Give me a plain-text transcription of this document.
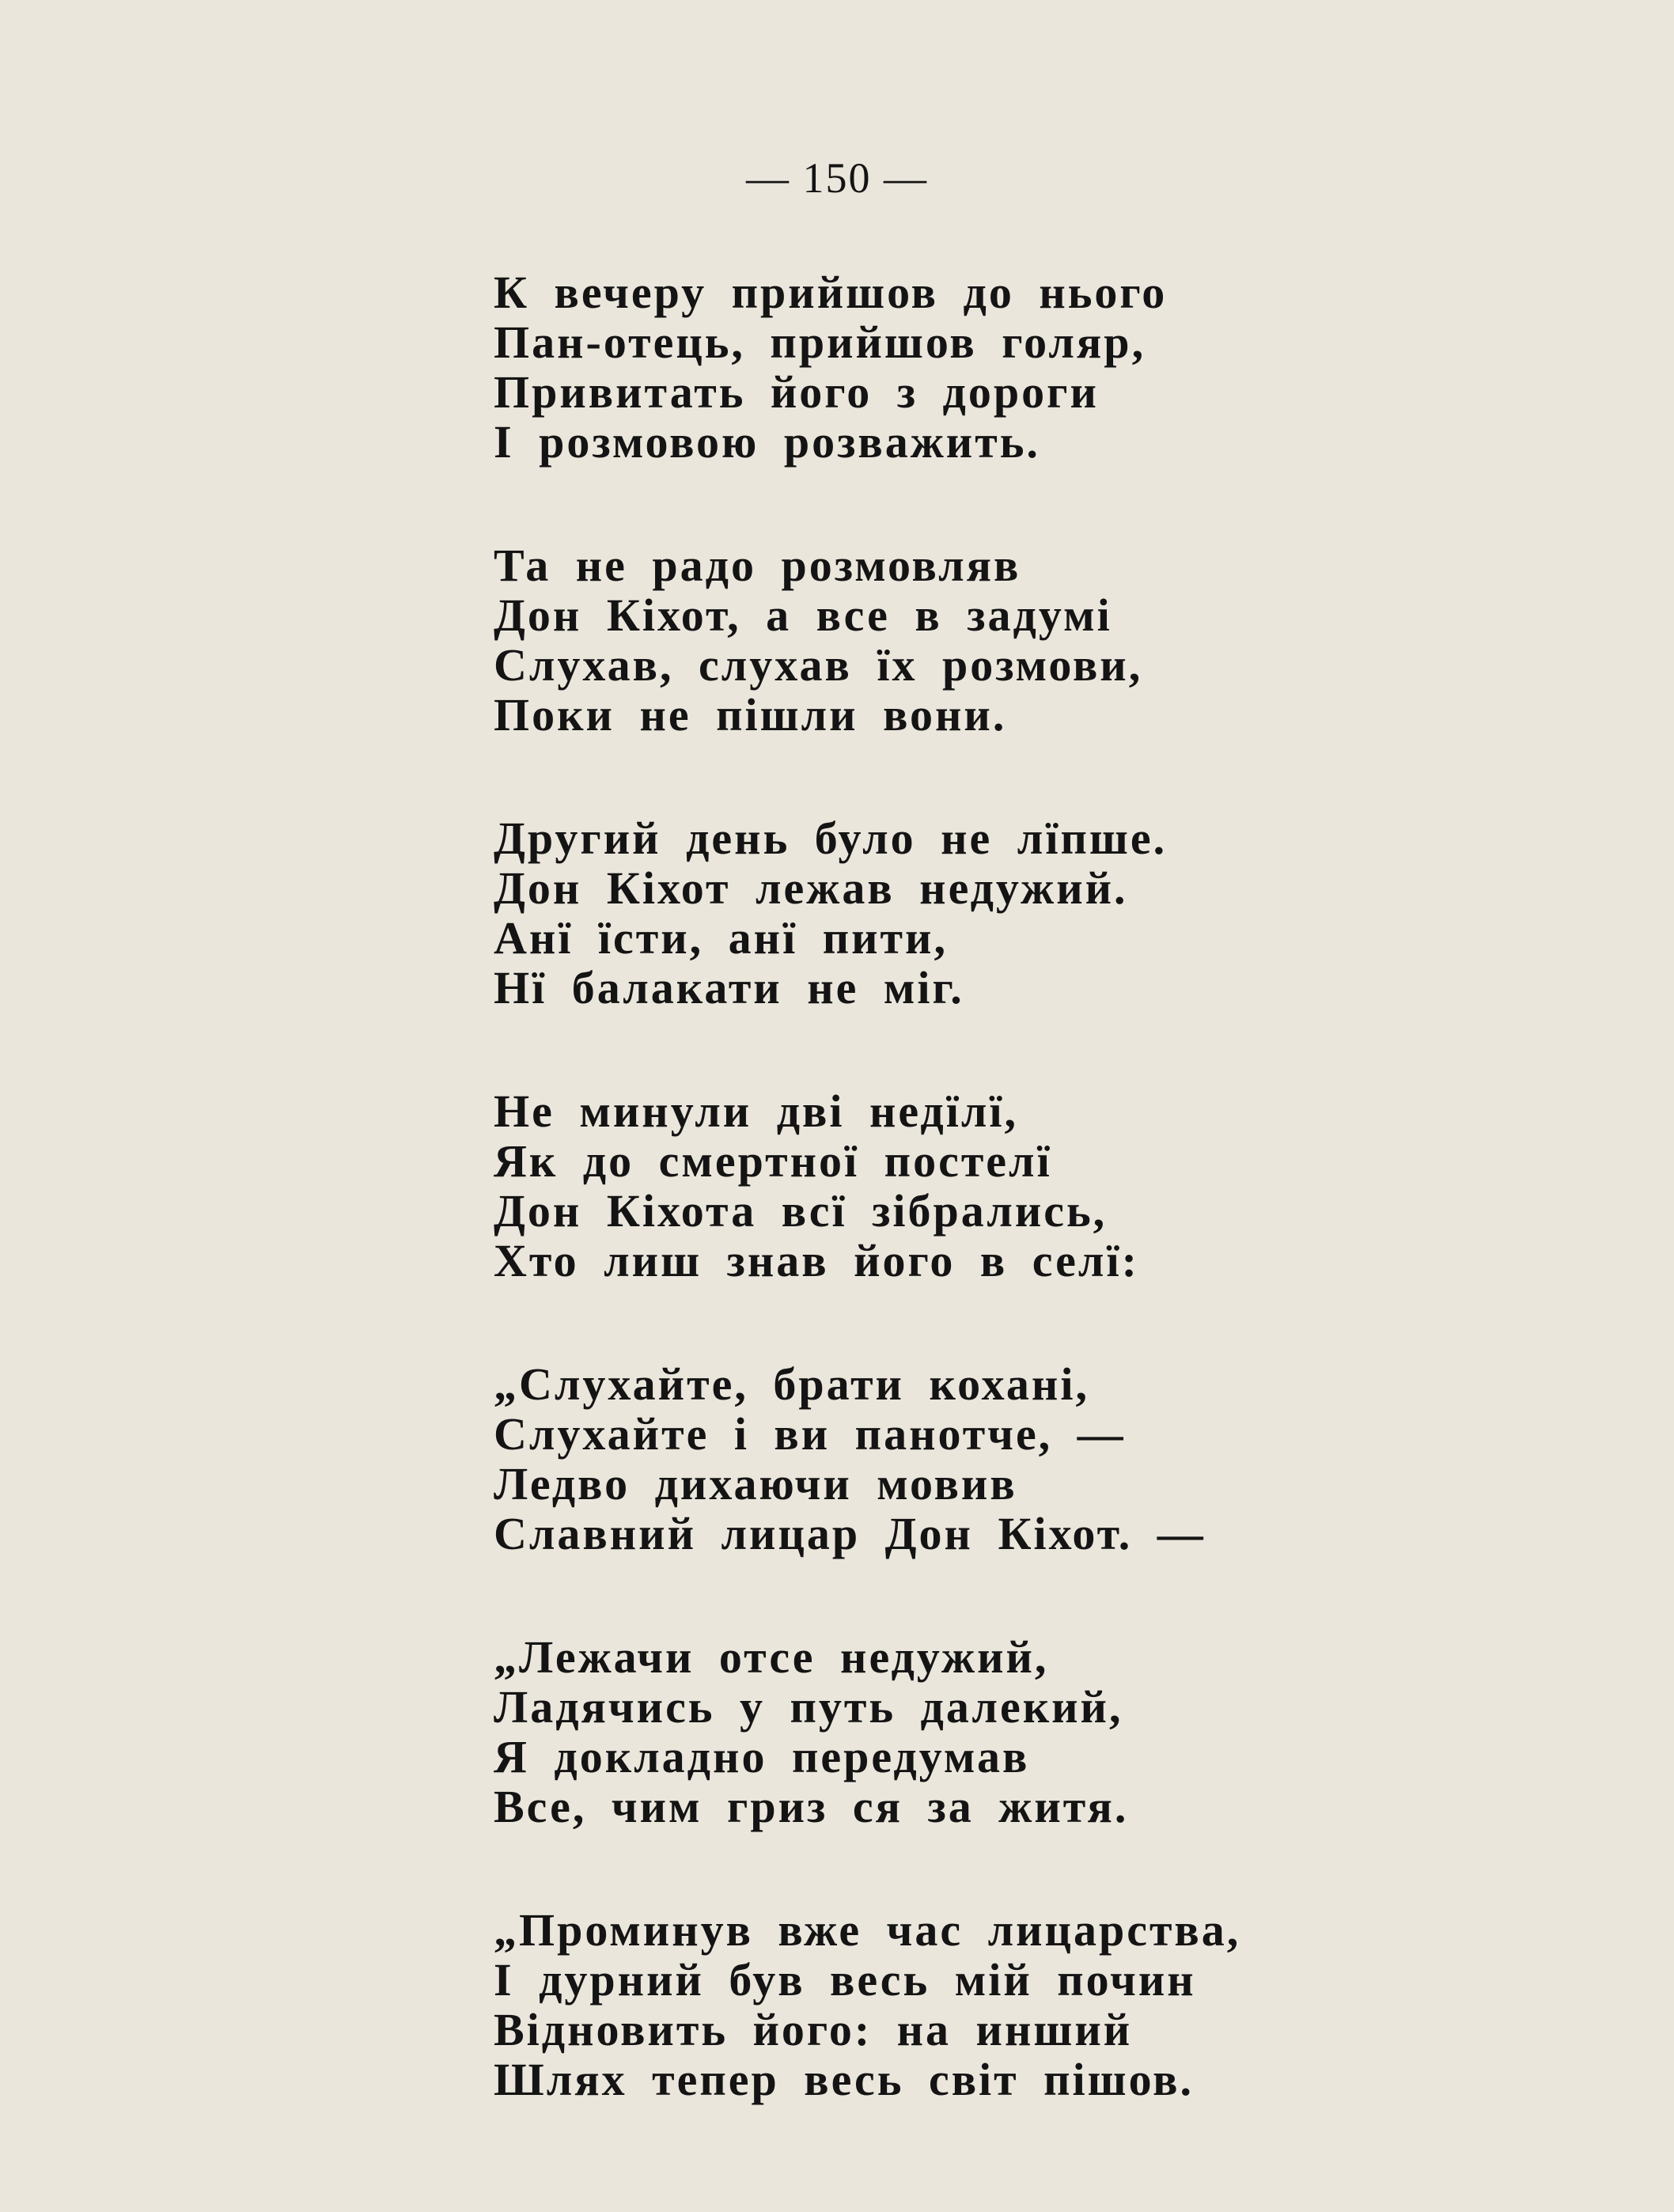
— 150 —
К вечеру прийшов до нього
Пан-отець, прийшов голяр,
Привитать його з дороги
І розмовою розважить.
Та не радо розмовляв
Дон Кіхот, а все в задумі
Слухав, слухав їх розмови,
Поки не пішли вони.
Другий день було не лїпше.
Дон Кіхот лежав недужий.
Анї їсти, анї пити,
Нї балакати не міг.
Не минули дві недїлї,
Як до смертної постелї
Дон Кіхота всї зібрались,
Хто лиш знав його в селї:
„Слухайте, брати кохані,
Слухайте і ви панотче, —
Ледво дихаючи мовив
Славний лицар Дон Кіхот. —
„Лежачи отсе недужий,
Ладячись у путь далекий,
Я докладно передумав
Все, чим гриз ся за житя.
„Проминув вже час лицарства,
І дурний був весь мій почин
Відновить його: на инший
Шлях тепер весь світ пішов.
